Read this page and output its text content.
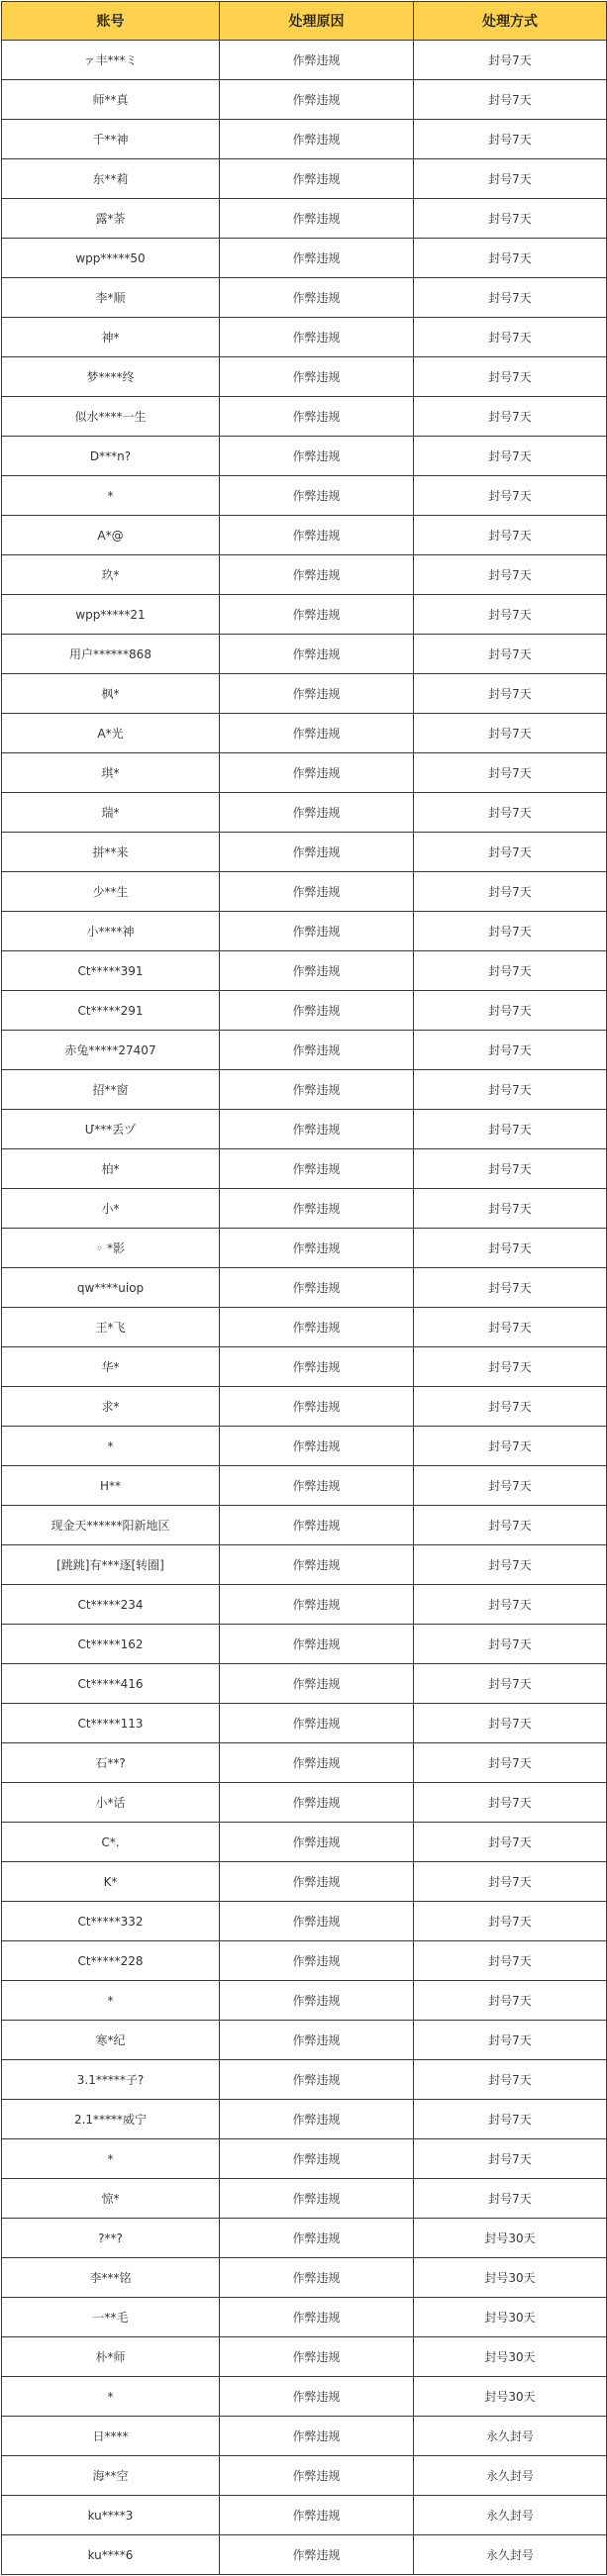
账号	处理原因	处理方式
ァ丰***ミ	作弊违规	封号7天
师**真	作弊违规	封号7天
千**神	作弊违规	封号7天
东**莉	作弊违规	封号7天
露*荼	作弊违规	封号7天
wpp*****50	作弊违规	封号7天
李*顺	作弊违规	封号7天
神*	作弊违规	封号7天
梦****终	作弊违规	封号7天
似水****一生	作弊违规	封号7天
D***n?	作弊违规	封号7天
*	作弊违规	封号7天
A*@	作弊违规	封号7天
玖*	作弊违规	封号7天
wpp*****21	作弊违规	封号7天
用户******868	作弊违规	封号7天
枫*	作弊违规	封号7天
A*光	作弊违规	封号7天
琪*	作弊违规	封号7天
瑞*	作弊违规	封号7天
拼**来	作弊违规	封号7天
少**生	作弊违规	封号7天
小****神	作弊违规	封号7天
Ct*****391	作弊违规	封号7天
Ct*****291	作弊违规	封号7天
赤兔*****27407	作弊违规	封号7天
招**窗	作弊违规	封号7天
Մ***丢ヅ	作弊违规	封号7天
柏*	作弊违规	封号7天
小*	作弊违规	封号7天
◦ *影	作弊违规	封号7天
qw****uiop	作弊违规	封号7天
王*飞	作弊违规	封号7天
华*	作弊违规	封号7天
求*	作弊违规	封号7天
*	作弊违规	封号7天
H**	作弊违规	封号7天
现金天******阳新地区	作弊违规	封号7天
[跳跳]有***逐[转圈]	作弊违规	封号7天
Ct*****234	作弊违规	封号7天
Ct*****162	作弊违规	封号7天
Ct*****416	作弊违规	封号7天
Ct*****113	作弊违规	封号7天
石**?	作弊违规	封号7天
小*话	作弊违规	封号7天
C*.	作弊违规	封号7天
K*	作弊违规	封号7天
Ct*****332	作弊违规	封号7天
Ct*****228	作弊违规	封号7天
*	作弊违规	封号7天
寒*纪	作弊违规	封号7天
3.1*****子?	作弊违规	封号7天
2.1*****威宁	作弊违规	封号7天
*	作弊违规	封号7天
惊*	作弊违规	封号7天
?**?	作弊违规	封号30天
李***铭	作弊违规	封号30天
一**毛	作弊违规	封号30天
朴*师	作弊违规	封号30天
*	作弊违规	封号30天
日****	作弊违规	永久封号
海**空	作弊违规	永久封号
ku****3	作弊违规	永久封号
ku****6	作弊违规	永久封号
